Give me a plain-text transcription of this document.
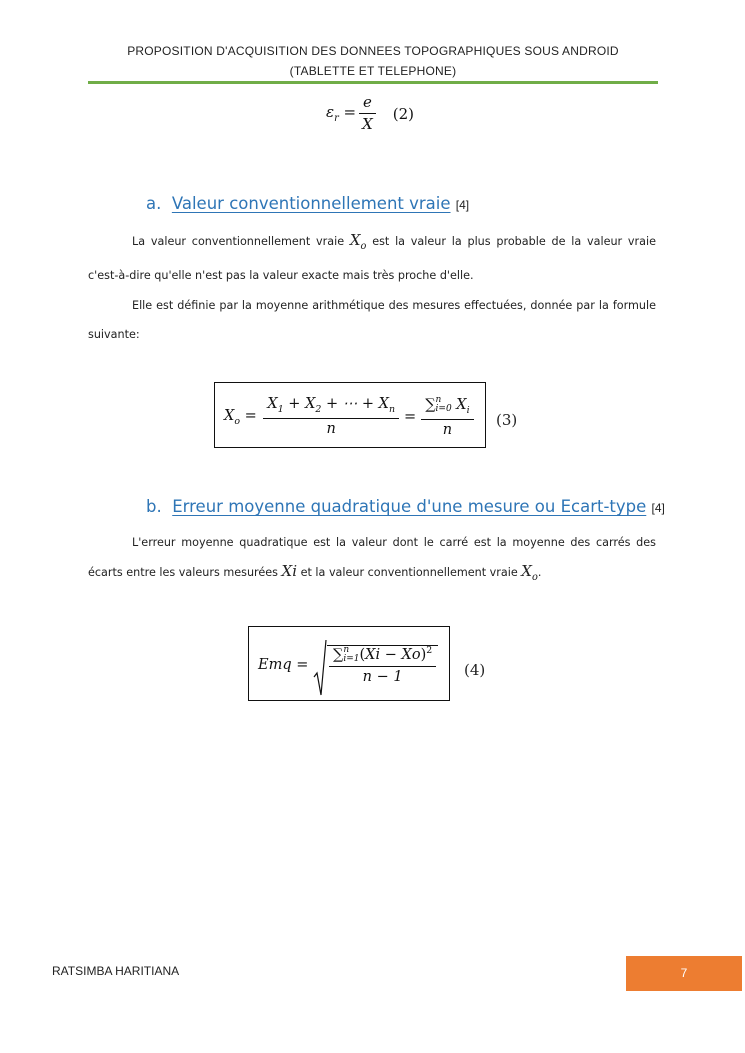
PROPOSITION D'ACQUISITION DES DONNEES TOPOGRAPHIQUES SOUS ANDROID
(TABLETTE ET TELEPHONE)
$\varepsilon_r = \frac{e}{X} (2)$
a. Valeur conventionnellement vraie [4]
La valeur conventionnellement vraie $X_o$ est la valeur la plus probable de la valeur vraie c'est-à-dire qu'elle n'est pas la valeur exacte mais très proche d'elle.
Elle est définie par la moyenne arithmétique des mesures effectuées, donnée par la formule suivante:
$X_o = \frac{X_1 + X_2 + \cdots + X_n}{n}$ = ∑ n
i=0 $X_i$
n (3)
b. Erreur moyenne quadratique d'une mesure ou Ecart-type [4]
L'erreur moyenne quadratique est la valeur dont le carré est la moyenne des carrés des écarts entre les valeurs mesurées Xi et la valeur conventionnellement vraie $X_o$.
Emq = ∑ n
i=1 $(Xi - Xo)^2$
n − 1 (4)
RATSIMBA HARITIANA	7
